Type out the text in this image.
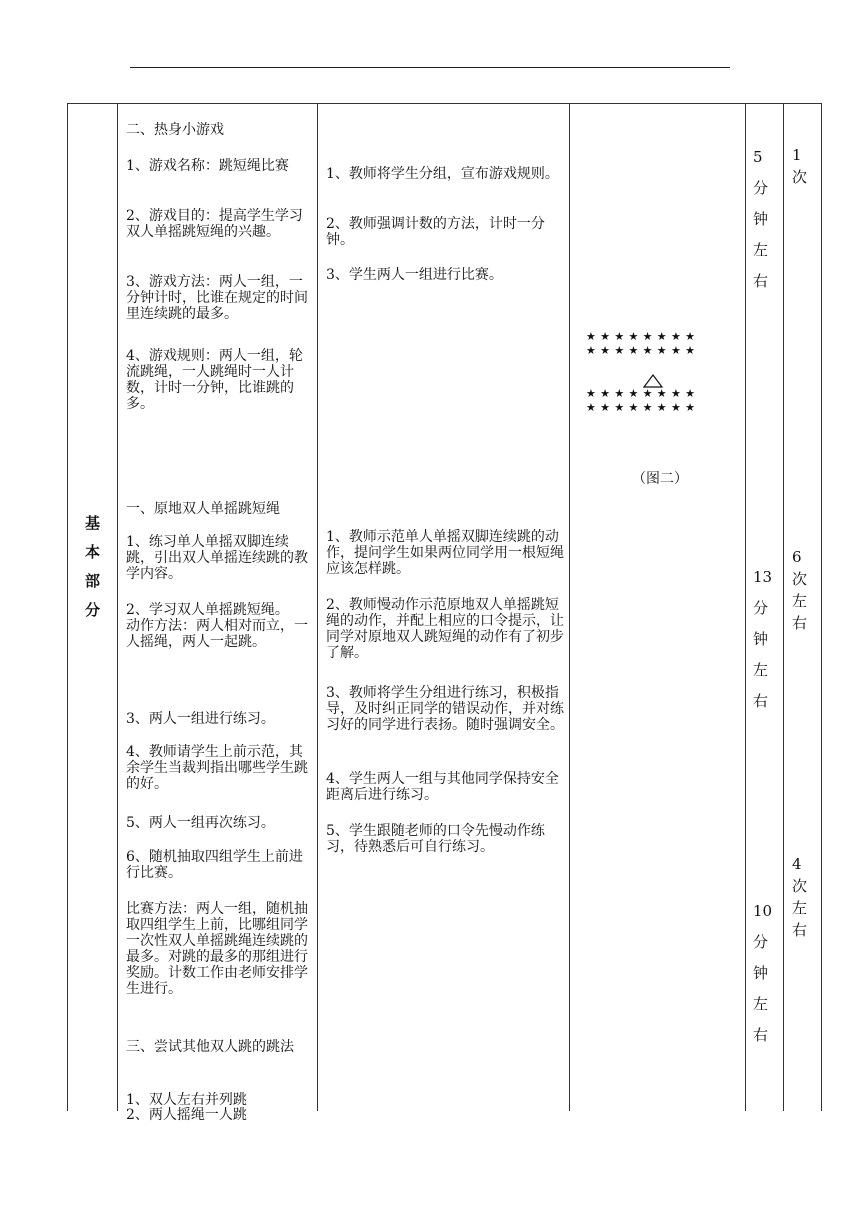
基
本
部
分
二、热身小游戏
1、游戏名称：跳短绳比赛
2、游戏目的：提高学生学习双人单摇跳短绳的兴趣。
3、游戏方法：两人一组，一分钟计时，比谁在规定的时间里连续跳的最多。
4、游戏规则：两人一组，轮流跳绳，一人跳绳时一人计数，计时一分钟，比谁跳的多。
一、原地双人单摇跳短绳
1、练习单人单摇双脚连续跳，引出双人单摇连续跳的教学内容。
2、学习双人单摇跳短绳。
动作方法：两人相对而立，一人摇绳，两人一起跳。
3、两人一组进行练习。
4、教师请学生上前示范，其余学生当裁判指出哪些学生跳的好。
5、两人一组再次练习。
6、随机抽取四组学生上前进行比赛。
比赛方法：两人一组，随机抽取四组学生上前，比哪组同学一次性双人单摇跳绳连续跳的最多。对跳的最多的那组进行奖励。计数工作由老师安排学生进行。
三、尝试其他双人跳的跳法
1、双人左右并列跳
2、两人摇绳一人跳
1、教师将学生分组，宣布游戏规则。
2、教师强调计数的方法，计时一分钟。
3、学生两人一组进行比赛。
1、教师示范单人单摇双脚连续跳的动作，提问学生如果两位同学用一根短绳应该怎样跳。
2、教师慢动作示范原地双人单摇跳短绳的动作，并配上相应的口令提示，让同学对原地双人跳短绳的动作有了初步了解。
3、教师将学生分组进行练习，积极指导，及时纠正同学的错误动作，并对练习好的同学进行表扬。随时强调安全。
4、学生两人一组与其他同学保持安全距离后进行练习。
5、学生跟随老师的口令先慢动作练习，待熟悉后可自行练习。
★★★★★★★★
★★★★★★★★
★★★★★★★★
★★★★★★★★
（图二）
5
分
钟
左
右
13
分
钟
左
右
10
分
钟
左
右
1
次
6
次
左
右
4
次
左
右
